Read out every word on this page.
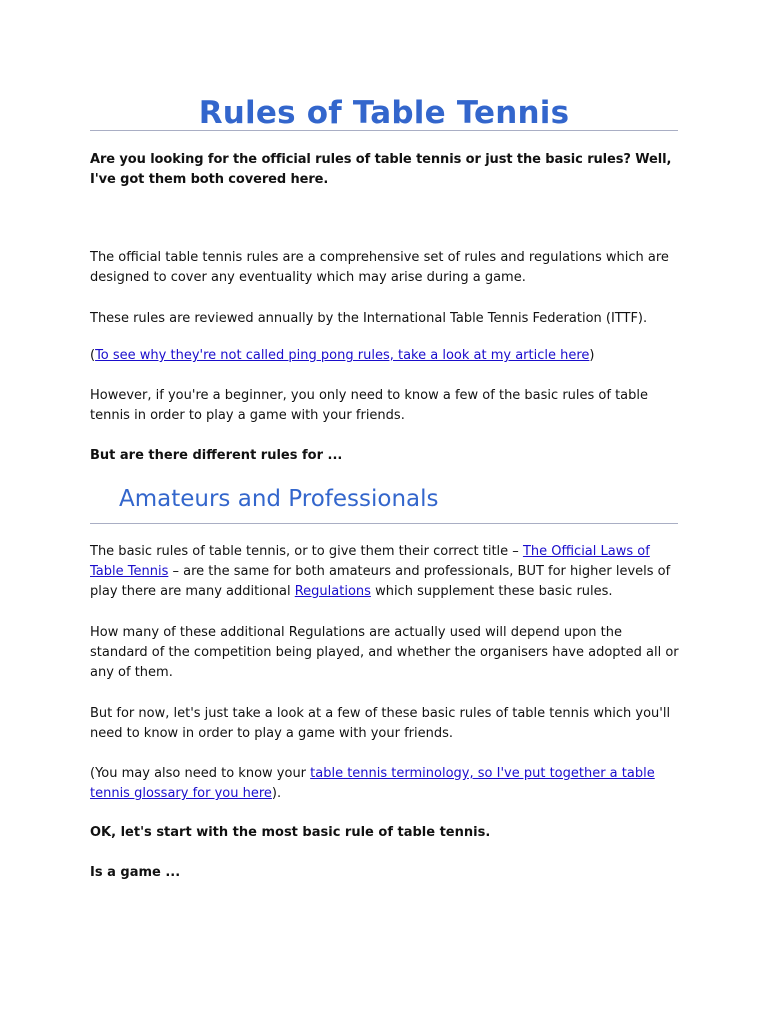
Rules of Table Tennis

Are you looking for the official rules of table tennis or just the basic rules? Well, I've got them both covered here.

The official table tennis rules are a comprehensive set of rules and regulations which are designed to cover any eventuality which may arise during a game.

These rules are reviewed annually by the International Table Tennis Federation (ITTF).

(To see why they're not called ping pong rules, take a look at my article here)

However, if you're a beginner, you only need to know a few of the basic rules of table tennis in order to play a game with your friends.

But are there different rules for ...

Amateurs and Professionals

The basic rules of table tennis, or to give them their correct title – The Official Laws of Table Tennis – are the same for both amateurs and professionals, BUT for higher levels of play there are many additional Regulations which supplement these basic rules.

How many of these additional Regulations are actually used will depend upon the standard of the competition being played, and whether the organisers have adopted all or any of them.

But for now, let's just take a look at a few of these basic rules of table tennis which you'll need to know in order to play a game with your friends.

(You may also need to know your table tennis terminology, so I've put together a table tennis glossary for you here).

OK, let's start with the most basic rule of table tennis.

Is a game ...
